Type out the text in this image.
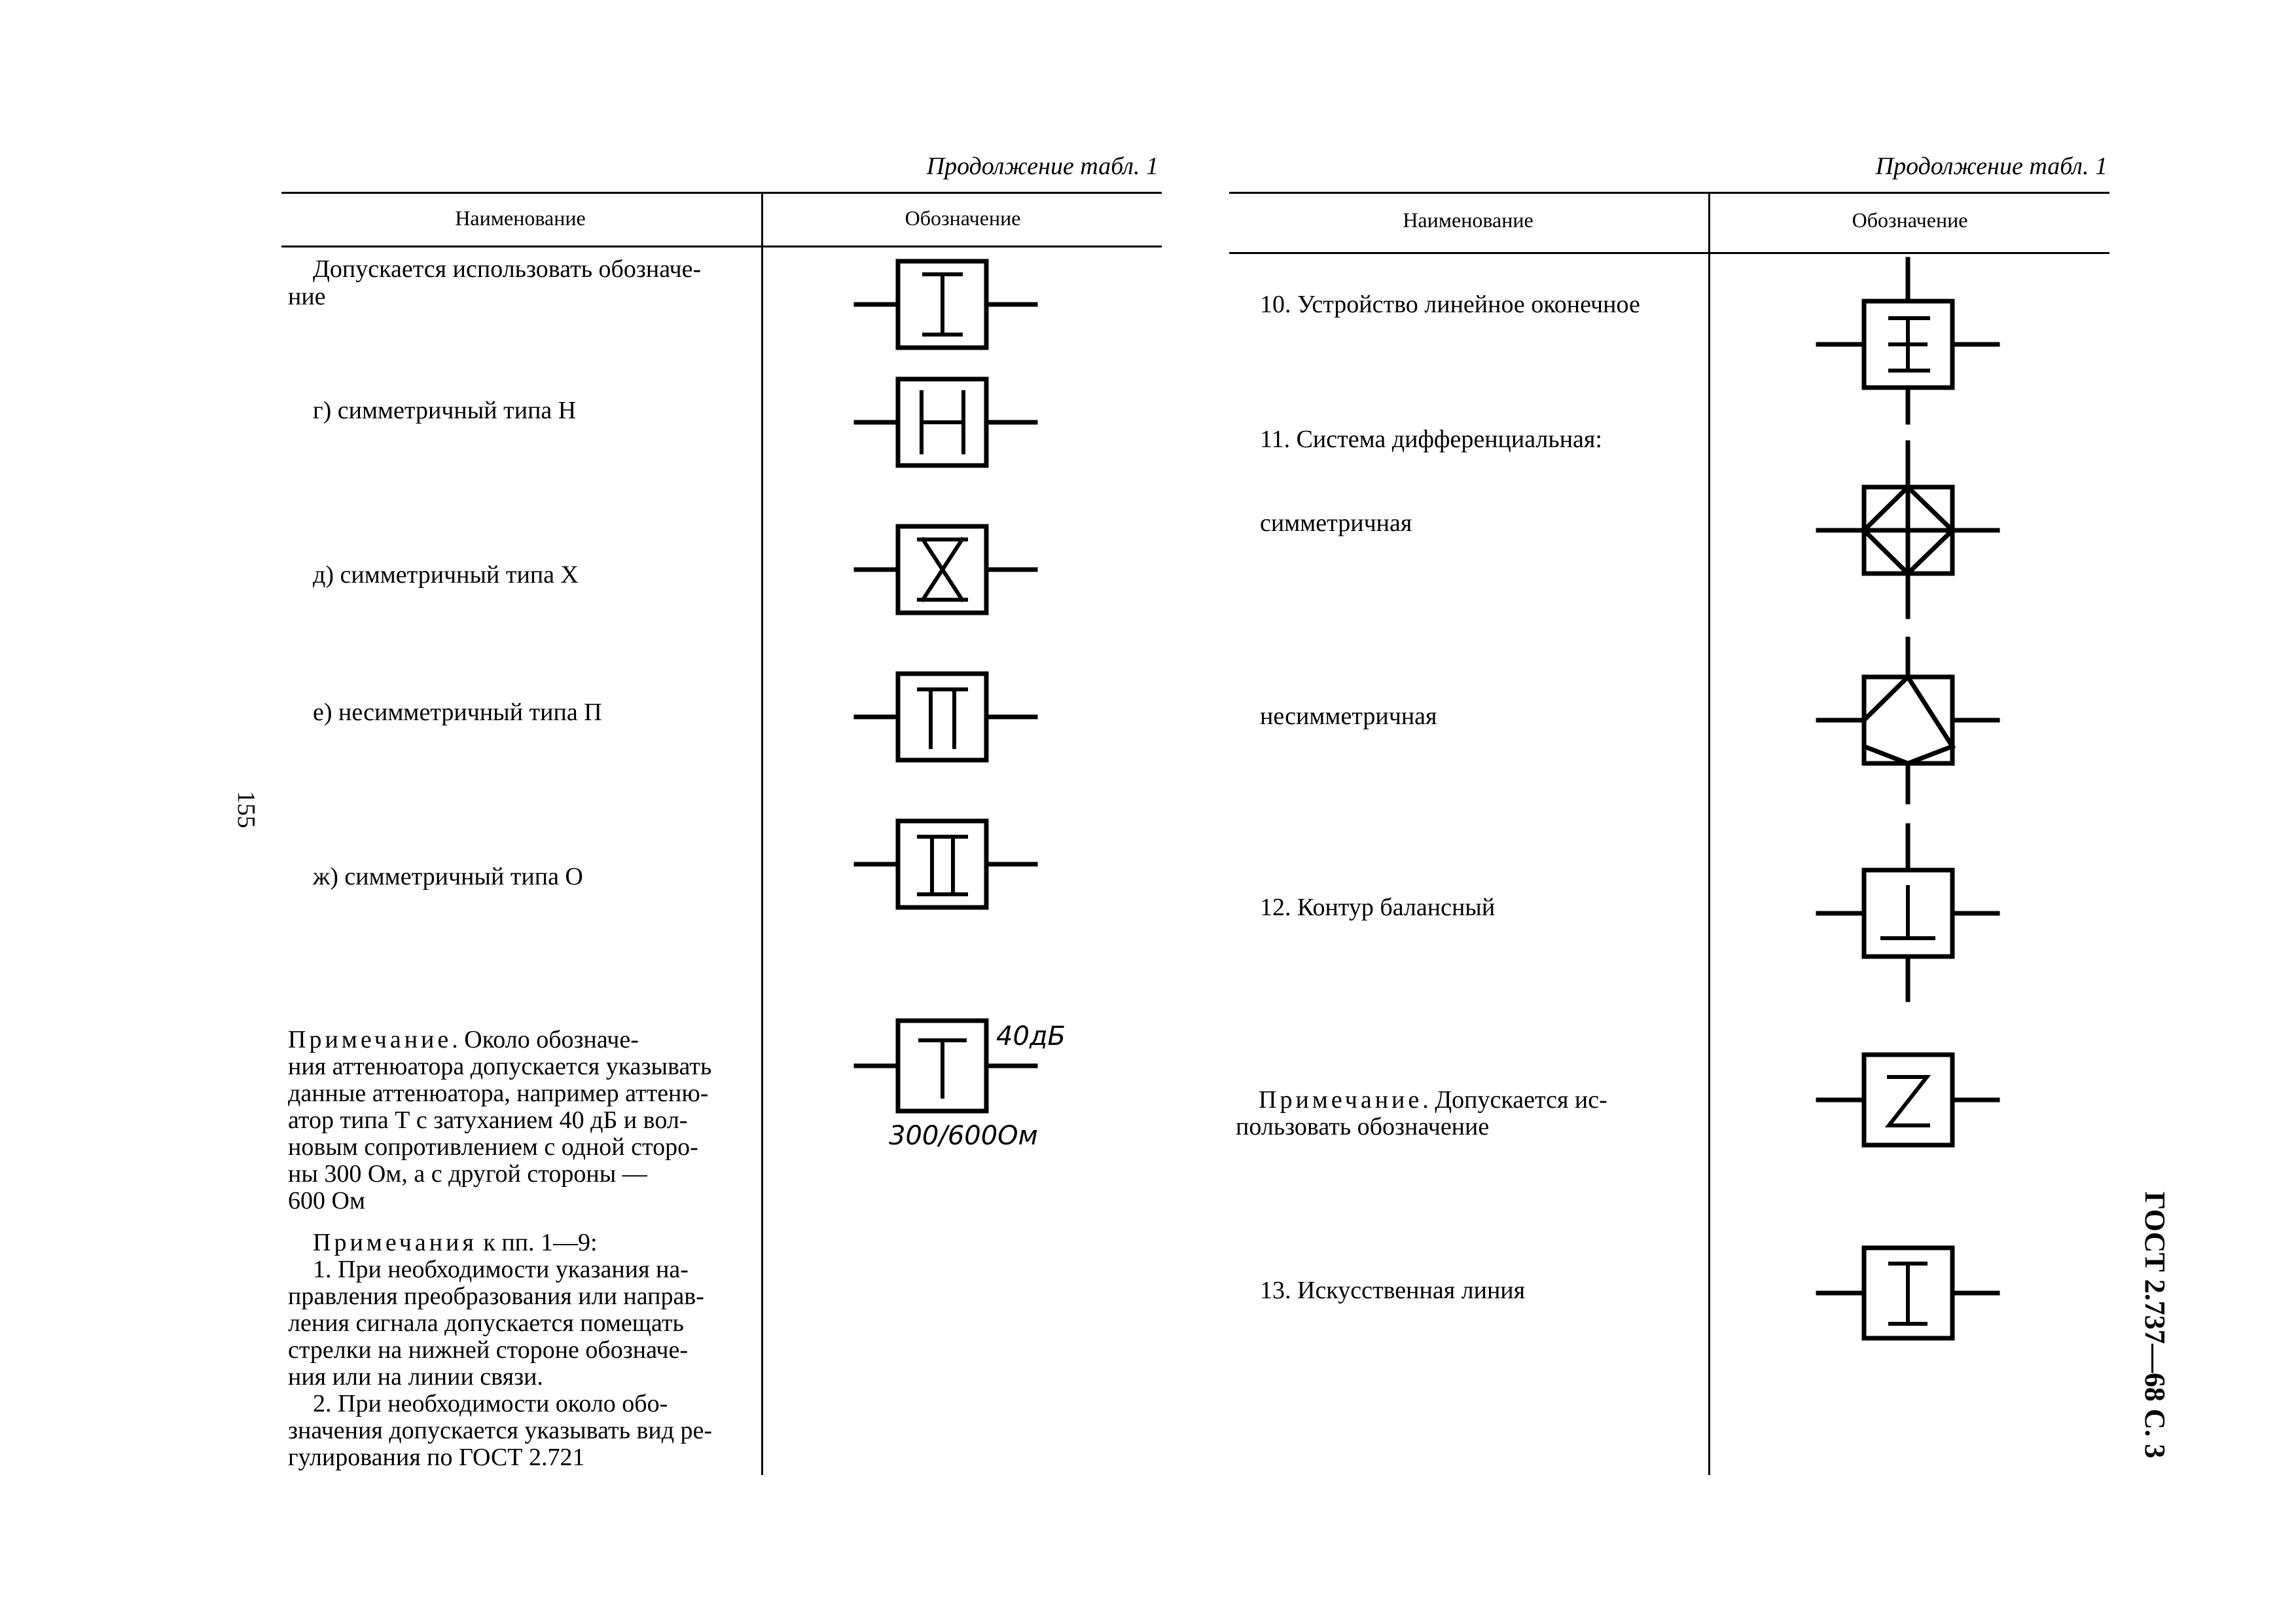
Продолжение табл. 1	Продолжение табл. 1
Наименование	Обозначение	Наименование	Обозначение
Допускается использовать обозначе-
ние
г) симметричный типа Н
д) симметричный типа Х
е) несимметричный типа П
ж) симметричный типа О
40дБ
300/600Ом
Примечание. Около обозначе-
ния аттенюатора допускается указывать
данные аттенюатора, например аттеню-
атор типа Т с затуханием 40 дБ и вол-
новым сопротивлением с одной сторо-
ны 300 Ом, а с другой стороны —
600 Ом
Примечания к пп. 1—9:
1. При необходимости указания на-
правления преобразования или направ-
ления сигнала допускается помещать
стрелки на нижней стороне обозначе-
ния или на линии связи.
2. При необходимости около обо-
значения допускается указывать вид ре-
гулирования по ГОСТ 2.721
10. Устройство линейное оконечное
11. Система дифференциальная:
симметричная
несимметричная
12. Контур балансный
Примечание. Допускается ис-
пользовать обозначение
13. Искусственная линия
155
ГОСТ 2.737—68 С. 3
